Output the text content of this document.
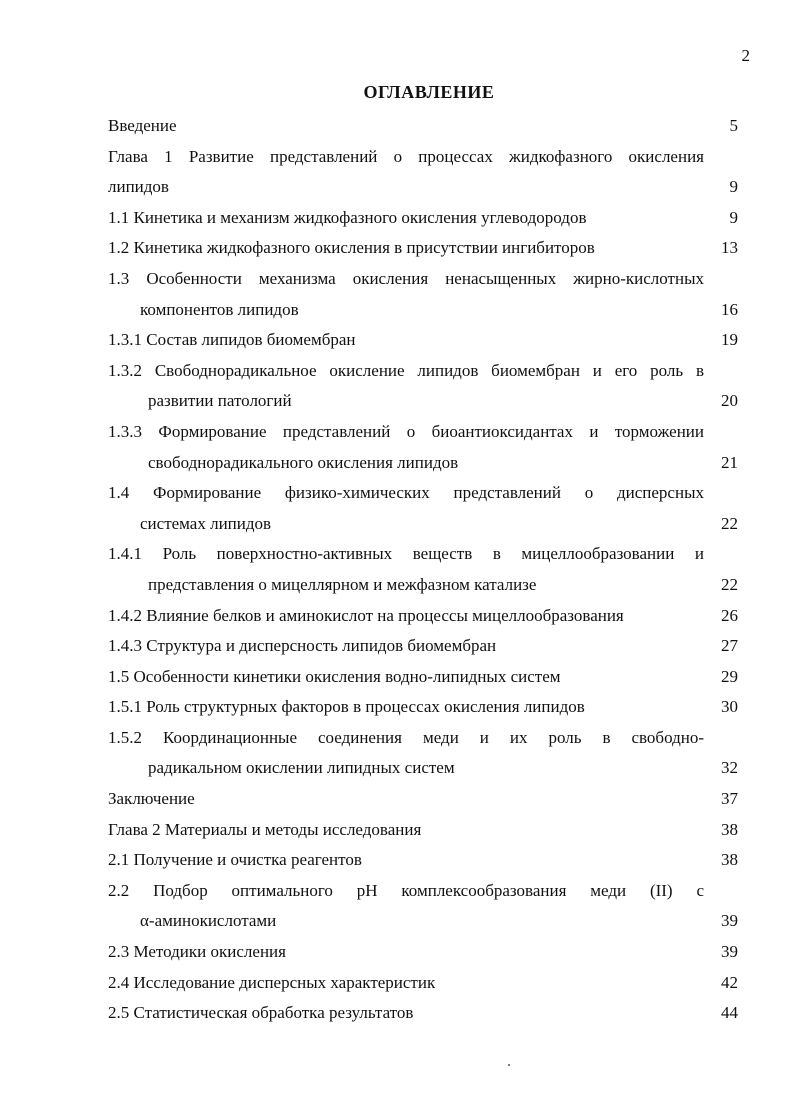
2
ОГЛАВЛЕНИЕ
Введение	5
Глава 1 Развитие представлений о процессах жидкофазного окисления
липидов	9
1.1 Кинетика и механизм жидкофазного окисления углеводородов	9
1.2 Кинетика жидкофазного окисления в присутствии ингибиторов	13
1.3 Особенности механизма окисления ненасыщенных жирно-кислотных
компонентов липидов	16
1.3.1 Состав липидов биомембран	19
1.3.2 Свободнорадикальное окисление липидов биомембран и его роль в
развитии патологий	20
1.3.3 Формирование представлений о биоантиоксидантах и торможении
свободнорадикального окисления липидов	21
1.4 Формирование физико-химических представлений о дисперсных
системах липидов	22
1.4.1 Роль поверхностно-активных веществ в мицеллообразовании и
представления о мицеллярном и межфазном катализе	22
1.4.2 Влияние белков и аминокислот на процессы мицеллообразования	26
1.4.3 Структура и дисперсность липидов биомембран	27
1.5 Особенности кинетики окисления водно-липидных систем	29
1.5.1 Роль структурных факторов в процессах окисления липидов	30
1.5.2 Координационные соединения меди и их роль в свободно-
радикальном окислении липидных систем	32
Заключение	37
Глава 2 Материалы и методы исследования	38
2.1 Получение и очистка реагентов	38
2.2 Подбор оптимального pH комплексообразования меди (II) с
α-аминокислотами	39
2.3 Методики окисления	39
2.4 Исследование дисперсных характеристик	42
2.5 Статистическая обработка результатов	44
